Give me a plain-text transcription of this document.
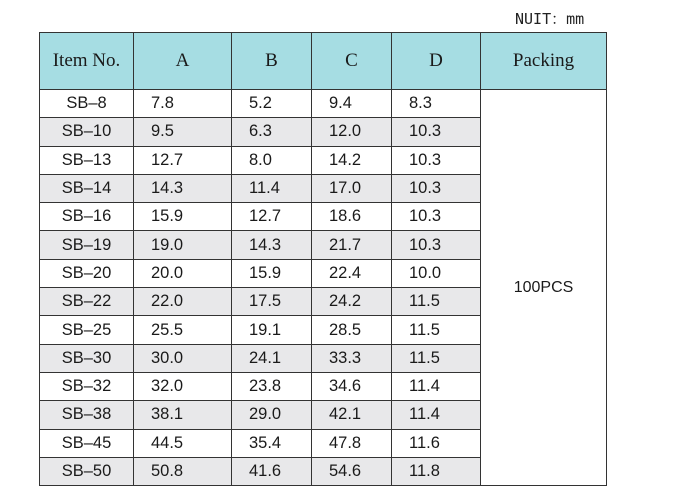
NUIT：mm
Item No.	A	B	C	D	Packing
SB–8	7.8	5.2	9.4	8.3	100PCS
SB–10	9.5	6.3	12.0	10.3	
SB–13	12.7	8.0	14.2	10.3	
SB–14	14.3	11.4	17.0	10.3	
SB–16	15.9	12.7	18.6	10.3	
SB–19	19.0	14.3	21.7	10.3	
SB–20	20.0	15.9	22.4	10.0	
SB–22	22.0	17.5	24.2	11.5	
SB–25	25.5	19.1	28.5	11.5	
SB–30	30.0	24.1	33.3	11.5	
SB–32	32.0	23.8	34.6	11.4	
SB–38	38.1	29.0	42.1	11.4	
SB–45	44.5	35.4	47.8	11.6	
SB–50	50.8	41.6	54.6	11.8	
